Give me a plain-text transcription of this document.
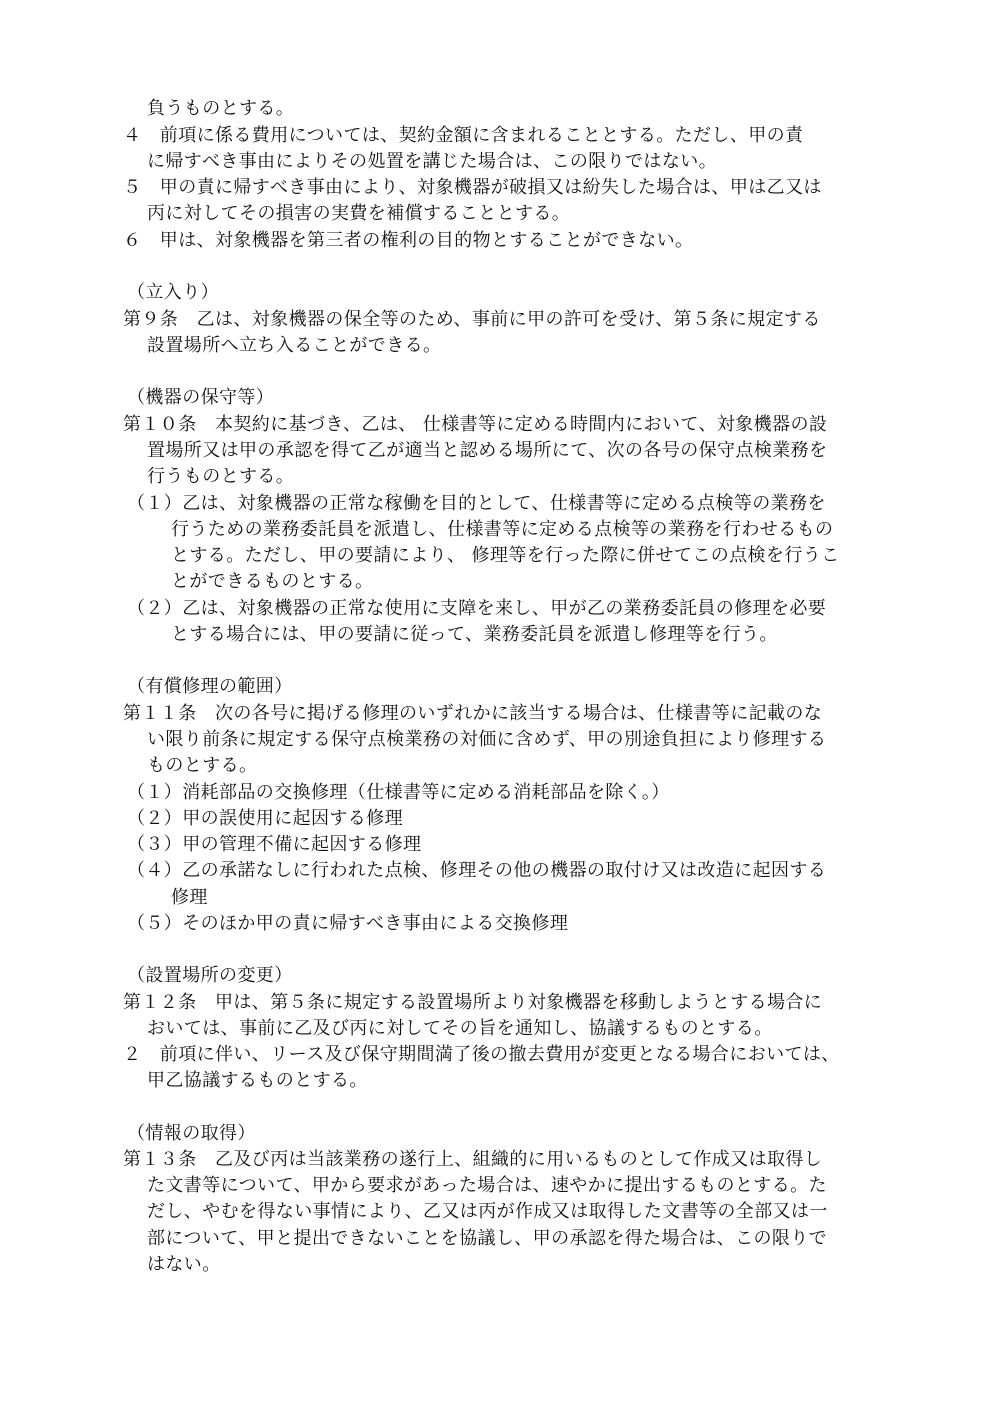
負うものとする。
４　前項に係る費用については、契約金額に含まれることとする。ただし、甲の責
に帰すべき事由によりその処置を講じた場合は、この限りではない。
５　甲の責に帰すべき事由により、対象機器が破損又は紛失した場合は、甲は乙又は
丙に対してその損害の実費を補償することとする。
６　甲は、対象機器を第三者の権利の目的物とすることができない。
（立入り）
第９条　乙は、対象機器の保全等のため、事前に甲の許可を受け、第５条に規定する
設置場所へ立ち入ることができる。
（機器の保守等）
第１０条　本契約に基づき、乙は、 仕様書等に定める時間内において、対象機器の設
置場所又は甲の承認を得て乙が適当と認める場所にて、次の各号の保守点検業務を
行うものとする。
（１）乙は、対象機器の正常な稼働を目的として、仕様書等に定める点検等の業務を
行うための業務委託員を派遣し、仕様書等に定める点検等の業務を行わせるもの
とする。ただし、甲の要請により、 修理等を行った際に併せてこの点検を行うこ
とができるものとする。
（２）乙は、対象機器の正常な使用に支障を来し、甲が乙の業務委託員の修理を必要
とする場合には、甲の要請に従って、業務委託員を派遣し修理等を行う。
（有償修理の範囲）
第１１条　次の各号に掲げる修理のいずれかに該当する場合は、仕様書等に記載のな
い限り前条に規定する保守点検業務の対価に含めず、甲の別途負担により修理する
ものとする。
（１）消耗部品の交換修理（仕様書等に定める消耗部品を除く。）
（２）甲の誤使用に起因する修理
（３）甲の管理不備に起因する修理
（４）乙の承諾なしに行われた点検、修理その他の機器の取付け又は改造に起因する
修理
（５）そのほか甲の責に帰すべき事由による交換修理
（設置場所の変更）
第１２条　甲は、第５条に規定する設置場所より対象機器を移動しようとする場合に
おいては、事前に乙及び丙に対してその旨を通知し、協議するものとする。
２　前項に伴い、リース及び保守期間満了後の撤去費用が変更となる場合においては、
甲乙協議するものとする。
（情報の取得）
第１３条　乙及び丙は当該業務の遂行上、組織的に用いるものとして作成又は取得し
た文書等について、甲から要求があった場合は、速やかに提出するものとする。た
だし、やむを得ない事情により、乙又は丙が作成又は取得した文書等の全部又は一
部について、甲と提出できないことを協議し、甲の承認を得た場合は、この限りで
はない。
